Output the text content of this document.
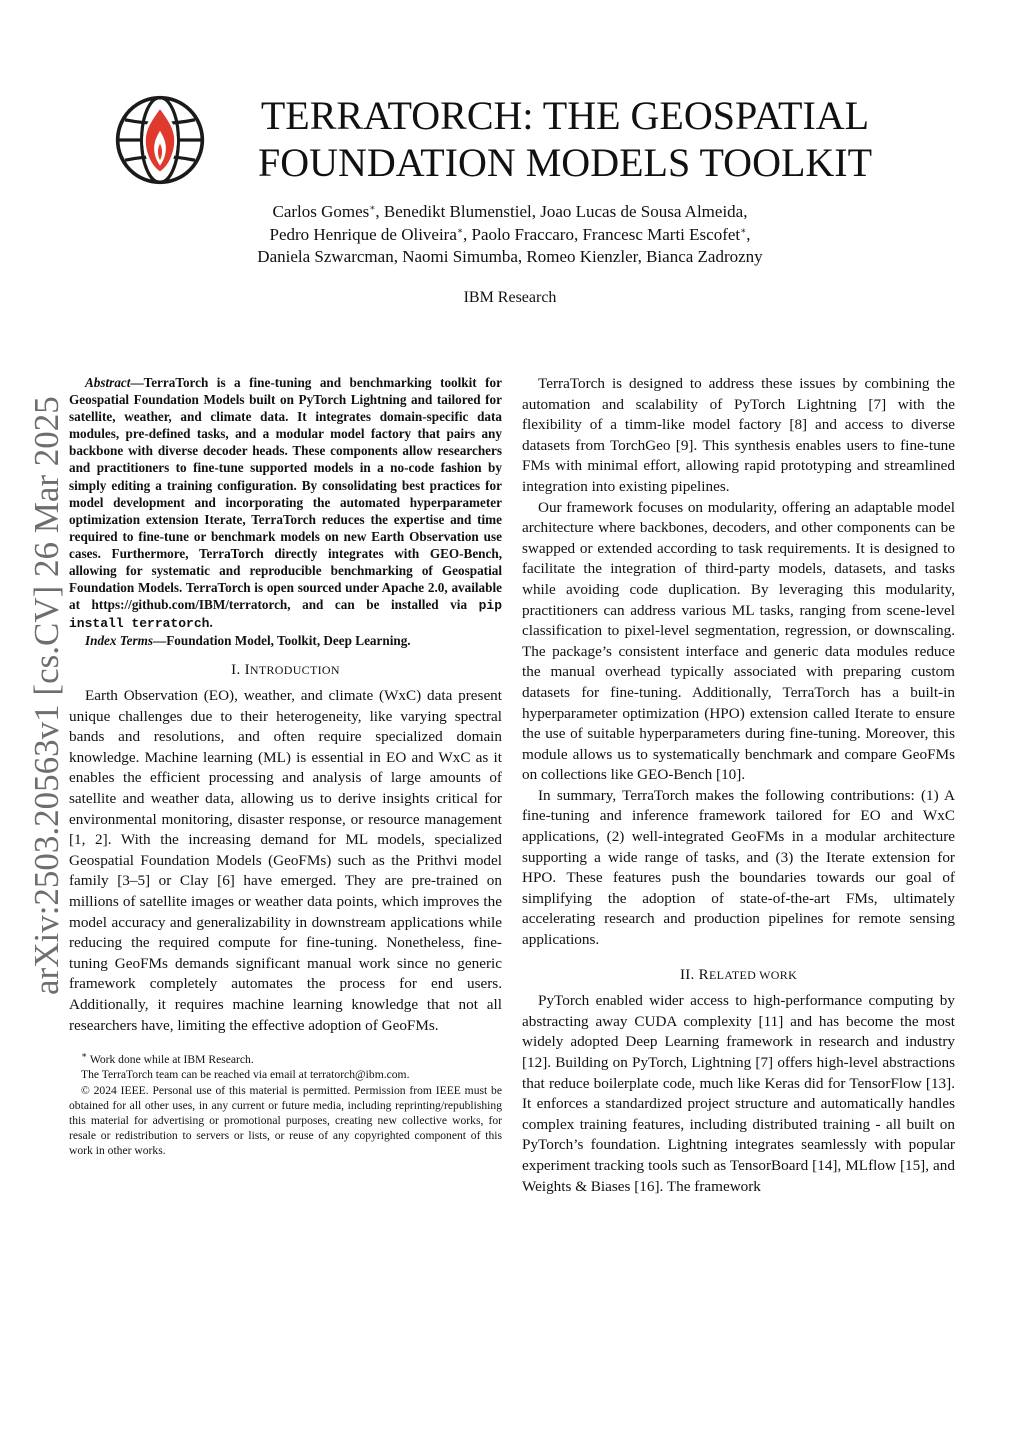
arXiv:2503.20563v1 [cs.CV] 26 Mar 2025
TERRATORCH: THE GEOSPATIAL
FOUNDATION MODELS TOOLKIT
Carlos Gomes∗, Benedikt Blumenstiel, Joao Lucas de Sousa Almeida,
Pedro Henrique de Oliveira∗, Paolo Fraccaro, Francesc Marti Escofet∗,
Daniela Szwarcman, Naomi Simumba, Romeo Kienzler, Bianca Zadrozny
IBM Research

Abstract—TerraTorch is a fine-tuning and benchmarking toolkit for Geospatial Foundation Models built on PyTorch Lightning and tailored for satellite, weather, and climate data. It integrates domain-specific data modules, pre-defined tasks, and a modular model factory that pairs any backbone with diverse decoder heads. These components allow researchers and practitioners to fine-tune supported models in a no-code fashion by simply editing a training configuration. By consolidating best practices for model development and incorporating the automated hyperparameter optimization extension Iterate, TerraTorch reduces the expertise and time required to fine-tune or benchmark models on new Earth Observation use cases. Furthermore, TerraTorch directly integrates with GEO-Bench, allowing for systematic and reproducible benchmarking of Geospatial Foundation Models. TerraTorch is open sourced under Apache 2.0, available at https://github.com/IBM/terratorch, and can be installed via pip install terratorch.

Index Terms—Foundation Model, Toolkit, Deep Learning.

I. INTRODUCTION

Earth Observation (EO), weather, and climate (WxC) data present unique challenges due to their heterogeneity, like varying spectral bands and resolutions, and often require specialized domain knowledge. Machine learning (ML) is essential in EO and WxC as it enables the efficient processing and analysis of large amounts of satellite and weather data, allowing us to derive insights critical for environmental monitoring, disaster response, or resource management [1, 2]. With the increasing demand for ML models, specialized Geospatial Foundation Models (GeoFMs) such as the Prithvi model family [3–5] or Clay [6] have emerged. They are pre-trained on millions of satellite images or weather data points, which improves the model accuracy and generalizability in downstream applications while reducing the required compute for fine-tuning. Nonetheless, fine-tuning GeoFMs demands significant manual work since no generic framework completely automates the process for end users. Additionally, it requires machine learning knowledge that not all researchers have, limiting the effective adoption of GeoFMs.

∗ Work done while at IBM Research.
The TerraTorch team can be reached via email at terratorch@ibm.com.
© 2024 IEEE. Personal use of this material is permitted. Permission from IEEE must be obtained for all other uses, in any current or future media, including reprinting/republishing this material for advertising or promotional purposes, creating new collective works, for resale or redistribution to servers or lists, or reuse of any copyrighted component of this work in other works.

TerraTorch is designed to address these issues by combining the automation and scalability of PyTorch Lightning [7] with the flexibility of a timm-like model factory [8] and access to diverse datasets from TorchGeo [9]. This synthesis enables users to fine-tune FMs with minimal effort, allowing rapid prototyping and streamlined integration into existing pipelines.

Our framework focuses on modularity, offering an adaptable model architecture where backbones, decoders, and other components can be swapped or extended according to task requirements. It is designed to facilitate the integration of third-party models, datasets, and tasks while avoiding code duplication. By leveraging this modularity, practitioners can address various ML tasks, ranging from scene-level classification to pixel-level segmentation, regression, or downscaling. The package’s consistent interface and generic data modules reduce the manual overhead typically associated with preparing custom datasets for fine-tuning. Additionally, TerraTorch has a built-in hyperparameter optimization (HPO) extension called Iterate to ensure the use of suitable hyperparameters during fine-tuning. Moreover, this module allows us to systematically benchmark and compare GeoFMs on collections like GEO-Bench [10].

In summary, TerraTorch makes the following contributions: (1) A fine-tuning and inference framework tailored for EO and WxC applications, (2) well-integrated GeoFMs in a modular architecture supporting a wide range of tasks, and (3) the Iterate extension for HPO. These features push the boundaries towards our goal of simplifying the adoption of state-of-the-art FMs, ultimately accelerating research and production pipelines for remote sensing applications.

II. RELATED WORK

PyTorch enabled wider access to high-performance computing by abstracting away CUDA complexity [11] and has become the most widely adopted Deep Learning framework in research and industry [12]. Building on PyTorch, Lightning [7] offers high-level abstractions that reduce boilerplate code, much like Keras did for TensorFlow [13]. It enforces a standardized project structure and automatically handles complex training features, including distributed training - all built on PyTorch’s foundation. Lightning integrates seamlessly with popular experiment tracking tools such as TensorBoard [14], MLflow [15], and Weights & Biases [16]. The framework
